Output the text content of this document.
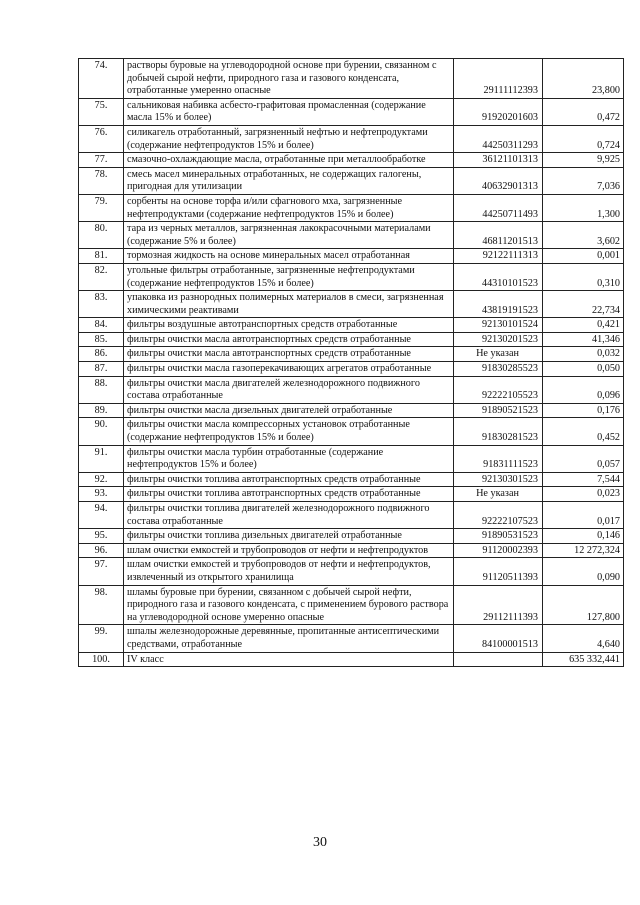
74.	растворы буровые на углеводородной основе при бурении, связанном с добычей сырой нефти, природного газа и газового конденсата, отработанные умеренно опасные	29111112393	23,800
75.	сальниковая набивка асбесто-графитовая промасленная (содержание масла 15% и более)	91920201603	0,472
76.	силикагель отработанный, загрязненный нефтью и нефтепродуктами (содержание нефтепродуктов 15% и более)	44250311293	0,724
77.	смазочно-охлаждающие масла, отработанные при металлообработке	36121101313	9,925
78.	смесь масел минеральных отработанных, не содержащих галогены, пригодная для утилизации	40632901313	7,036
79.	сорбенты на основе торфа и/или сфагнового мха, загрязненные нефтепродуктами (содержание нефтепродуктов 15% и более)	44250711493	1,300
80.	тара из черных металлов, загрязненная лакокрасочными материалами (содержание 5% и более)	46811201513	3,602
81.	тормозная жидкость на основе минеральных масел отработанная	92122111313	0,001
82.	угольные фильтры отработанные, загрязненные нефтепродуктами (содержание нефтепродуктов 15% и более)	44310101523	0,310
83.	упаковка из разнородных полимерных материалов в смеси, загрязненная химическими реактивами	43819191523	22,734
84.	фильтры воздушные автотранспортных средств отработанные	92130101524	0,421
85.	фильтры очистки масла автотранспортных средств отработанные	92130201523	41,346
86.	фильтры очистки масла автотранспортных средств отработанные	Не указан	0,032
87.	фильтры очистки масла газоперекачивающих агрегатов отработанные	91830285523	0,050
88.	фильтры очистки масла двигателей железнодорожного подвижного состава отработанные	92222105523	0,096
89.	фильтры очистки масла дизельных двигателей отработанные	91890521523	0,176
90.	фильтры очистки масла компрессорных установок отработанные (содержание нефтепродуктов 15% и более)	91830281523	0,452
91.	фильтры очистки масла турбин отработанные (содержание нефтепродуктов 15% и более)	91831111523	0,057
92.	фильтры очистки топлива автотранспортных средств отработанные	92130301523	7,544
93.	фильтры очистки топлива автотранспортных средств отработанные	Не указан	0,023
94.	фильтры очистки топлива двигателей железнодорожного подвижного состава отработанные	92222107523	0,017
95.	фильтры очистки топлива дизельных двигателей отработанные	91890531523	0,146
96.	шлам очистки емкостей и трубопроводов от нефти и нефтепродуктов	91120002393	12 272,324
97.	шлам очистки емкостей и трубопроводов от нефти и нефтепродуктов, извлеченный из открытого хранилища	91120511393	0,090
98.	шламы буровые при бурении, связанном с добычей сырой нефти, природного газа и газового конденсата, с применением бурового раствора на углеводородной основе умеренно опасные	29112111393	127,800
99.	шпалы железнодорожные деревянные, пропитанные антисептическими средствами, отработанные	84100001513	4,640
100.	IV класс		635 332,441
30
